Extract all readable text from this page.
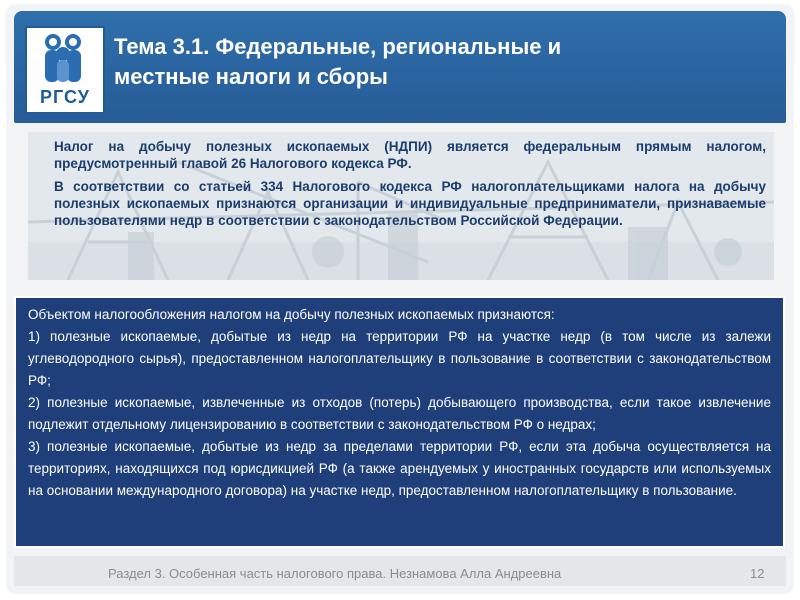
РГСУ
Тема 3.1. Федеральные, региональные и местные налоги и сборы

Налог на добычу полезных ископаемых (НДПИ) является федеральным прямым налогом, предусмотренный главой 26 Налогового кодекса РФ.

В соответствии со статьей 334 Налогового кодекса РФ налогоплательщиками налога на добычу полезных ископаемых признаются организации и индивидуальные предприниматели, признаваемые пользователями недр в соответствии с законодательством Российской Федерации.

Объектом налогообложения налогом на добычу полезных ископаемых признаются:

1) полезные ископаемые, добытые из недр на территории РФ на участке недр (в том числе из залежи углеводородного сырья), предоставленном налогоплательщику в пользование в соответствии с законодательством РФ;

2) полезные ископаемые, извлеченные из отходов (потерь) добывающего производства, если такое извлечение подлежит отдельному лицензированию в соответствии с законодательством РФ о недрах;

3) полезные ископаемые, добытые из недр за пределами территории РФ, если эта добыча осуществляется на территориях, находящихся под юрисдикцией РФ (а также арендуемых у иностранных государств или используемых на основании международного договора) на участке недр, предоставленном налогоплательщику в пользование.

Раздел 3. Особенная часть налогового права. Незнамова Алла Андреевна	12
